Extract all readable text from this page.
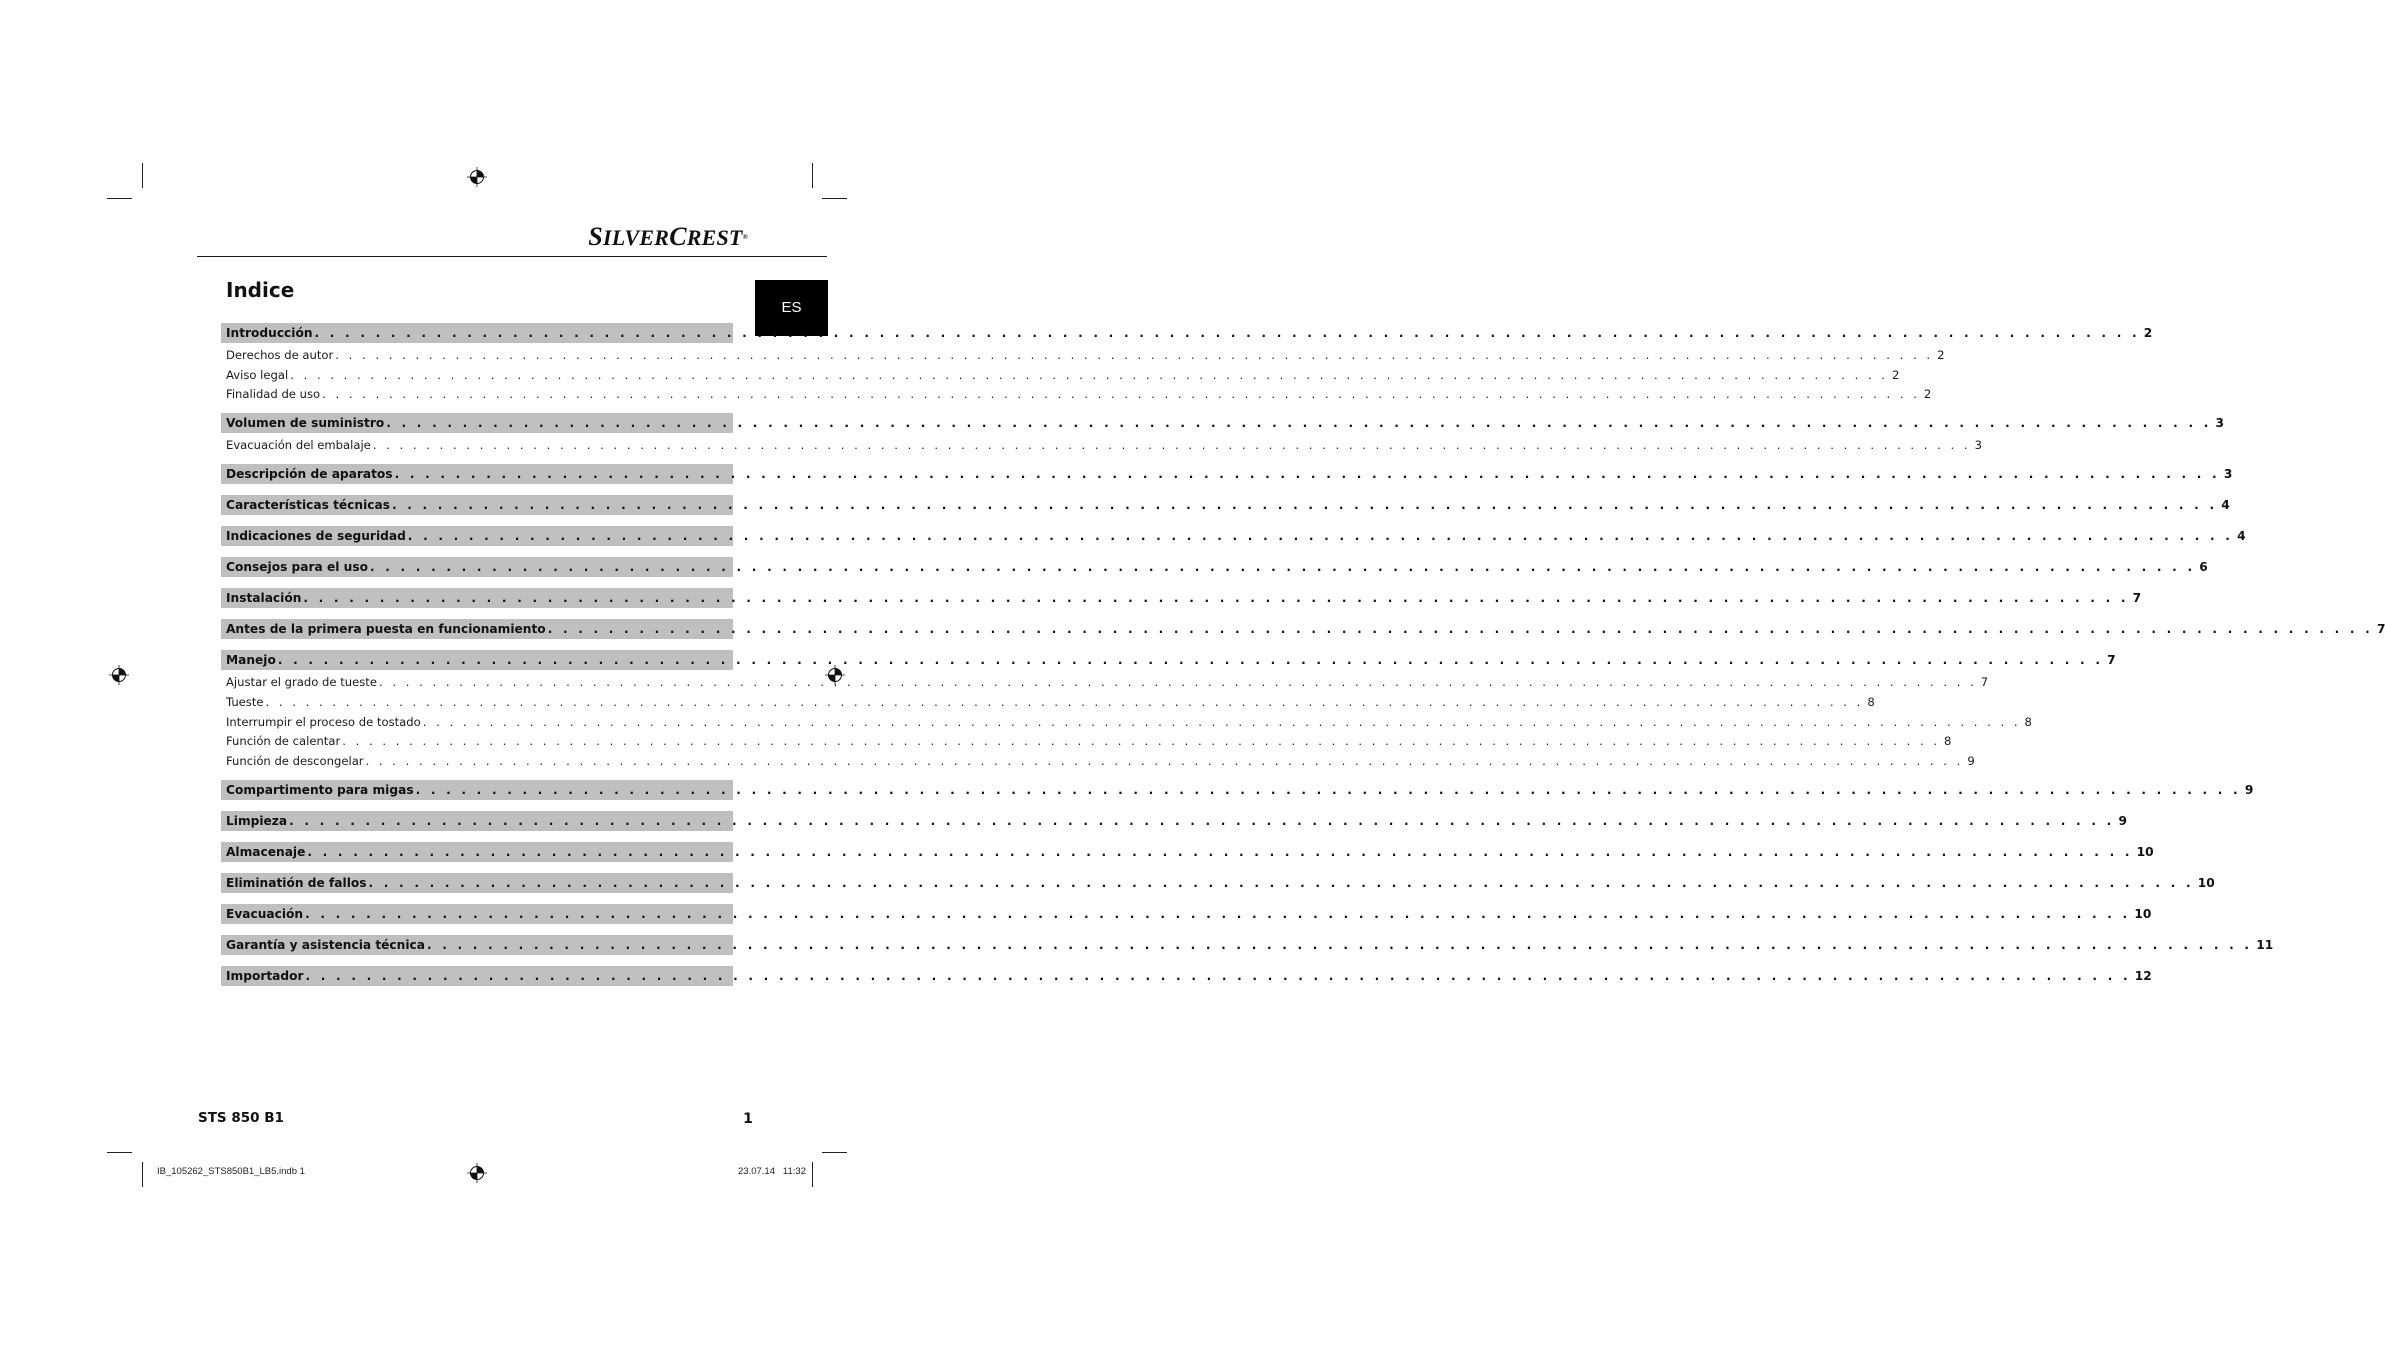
SILVERCREST®
ES
Indice
Introducción . . . . . . . . . . . . . . . . . . . . . . . . . . . . . . . . . . . . . . . . . . . . . . . . . . . . . . . . . . . . . . . . . . . . . . . . . . . . . . . . . . . . . . . . . . . . . . . . . . . . . . . . . . . . . . . . . . . . . . . . 2
Derechos de autor . . . . . . . . . . . . . . . . . . . . . . . . . . . . . . . . . . . . . . . . . . . . . . . . . . . . . . . . . . . . . . . . . . . . . . . . . . . . . . . . . . . . . . . . . . . . . . . . . . . . . . . . . . . . . . . . . . . . . . . . 2
Aviso legal . . . . . . . . . . . . . . . . . . . . . . . . . . . . . . . . . . . . . . . . . . . . . . . . . . . . . . . . . . . . . . . . . . . . . . . . . . . . . . . . . . . . . . . . . . . . . . . . . . . . . . . . . . . . . . . . . . . . . . . . 2
Finalidad de uso . . . . . . . . . . . . . . . . . . . . . . . . . . . . . . . . . . . . . . . . . . . . . . . . . . . . . . . . . . . . . . . . . . . . . . . . . . . . . . . . . . . . . . . . . . . . . . . . . . . . . . . . . . . . . . . . . . . . . . . . 2
Volumen de suministro . . . . . . . . . . . . . . . . . . . . . . . . . . . . . . . . . . . . . . . . . . . . . . . . . . . . . . . . . . . . . . . . . . . . . . . . . . . . . . . . . . . . . . . . . . . . . . . . . . . . . . . . . . . . . . . . . . . . . . . . 3
Evacuación del embalaje . . . . . . . . . . . . . . . . . . . . . . . . . . . . . . . . . . . . . . . . . . . . . . . . . . . . . . . . . . . . . . . . . . . . . . . . . . . . . . . . . . . . . . . . . . . . . . . . . . . . . . . . . . . . . . . . . . . . . . . . 3
Descripción de aparatos . . . . . . . . . . . . . . . . . . . . . . . . . . . . . . . . . . . . . . . . . . . . . . . . . . . . . . . . . . . . . . . . . . . . . . . . . . . . . . . . . . . . . . . . . . . . . . . . . . . . . . . . . . . . . . . . . . . . . . . . 3
Características técnicas . . . . . . . . . . . . . . . . . . . . . . . . . . . . . . . . . . . . . . . . . . . . . . . . . . . . . . . . . . . . . . . . . . . . . . . . . . . . . . . . . . . . . . . . . . . . . . . . . . . . . . . . . . . . . . . . . . . . . . . . 4
Indicaciones de seguridad . . . . . . . . . . . . . . . . . . . . . . . . . . . . . . . . . . . . . . . . . . . . . . . . . . . . . . . . . . . . . . . . . . . . . . . . . . . . . . . . . . . . . . . . . . . . . . . . . . . . . . . . . . . . . . . . . . . . . . . . 4
Consejos para el uso . . . . . . . . . . . . . . . . . . . . . . . . . . . . . . . . . . . . . . . . . . . . . . . . . . . . . . . . . . . . . . . . . . . . . . . . . . . . . . . . . . . . . . . . . . . . . . . . . . . . . . . . . . . . . . . . . . . . . . . . 6
Instalación . . . . . . . . . . . . . . . . . . . . . . . . . . . . . . . . . . . . . . . . . . . . . . . . . . . . . . . . . . . . . . . . . . . . . . . . . . . . . . . . . . . . . . . . . . . . . . . . . . . . . . . . . . . . . . . . . . . . . . . . 7
Antes de la primera puesta en funcionamiento . . . . . . . . . . . . . . . . . . . . . . . . . . . . . . . . . . . . . . . . . . . . . . . . . . . . . . . . . . . . . . . . . . . . . . . . . . . . . . . . . . . . . . . . . . . . . . . . . . . . . . . . . . . . . . . . . . . . . . . . 7
Manejo . . . . . . . . . . . . . . . . . . . . . . . . . . . . . . . . . . . . . . . . . . . . . . . . . . . . . . . . . . . . . . . . . . . . . . . . . . . . . . . . . . . . . . . . . . . . . . . . . . . . . . . . . . . . . . . . . . . . . . . . 7
Ajustar el grado de tueste . . . . . . . . . . . . . . . . . . . . . . . . . . . . . . . . . . . . . . . . . . . . . . . . . . . . . . . . . . . . . . . . . . . . . . . . . . . . . . . . . . . . . . . . . . . . . . . . . . . . . . . . . . . . . . . . . . . . . . . . 7
Tueste . . . . . . . . . . . . . . . . . . . . . . . . . . . . . . . . . . . . . . . . . . . . . . . . . . . . . . . . . . . . . . . . . . . . . . . . . . . . . . . . . . . . . . . . . . . . . . . . . . . . . . . . . . . . . . . . . . . . . . . . 8
Interrumpir el proceso de tostado . . . . . . . . . . . . . . . . . . . . . . . . . . . . . . . . . . . . . . . . . . . . . . . . . . . . . . . . . . . . . . . . . . . . . . . . . . . . . . . . . . . . . . . . . . . . . . . . . . . . . . . . . . . . . . . . . . . . . . . . 8
Función de calentar . . . . . . . . . . . . . . . . . . . . . . . . . . . . . . . . . . . . . . . . . . . . . . . . . . . . . . . . . . . . . . . . . . . . . . . . . . . . . . . . . . . . . . . . . . . . . . . . . . . . . . . . . . . . . . . . . . . . . . . . 8
Función de descongelar . . . . . . . . . . . . . . . . . . . . . . . . . . . . . . . . . . . . . . . . . . . . . . . . . . . . . . . . . . . . . . . . . . . . . . . . . . . . . . . . . . . . . . . . . . . . . . . . . . . . . . . . . . . . . . . . . . . . . . . . 9
Compartimento para migas . . . . . . . . . . . . . . . . . . . . . . . . . . . . . . . . . . . . . . . . . . . . . . . . . . . . . . . . . . . . . . . . . . . . . . . . . . . . . . . . . . . . . . . . . . . . . . . . . . . . . . . . . . . . . . . . . . . . . . . . 9
Limpieza . . . . . . . . . . . . . . . . . . . . . . . . . . . . . . . . . . . . . . . . . . . . . . . . . . . . . . . . . . . . . . . . . . . . . . . . . . . . . . . . . . . . . . . . . . . . . . . . . . . . . . . . . . . . . . . . . . . . . . . . 9
Almacenaje . . . . . . . . . . . . . . . . . . . . . . . . . . . . . . . . . . . . . . . . . . . . . . . . . . . . . . . . . . . . . . . . . . . . . . . . . . . . . . . . . . . . . . . . . . . . . . . . . . . . . . . . . . . . . . . . . . . . . . . . 10
Eliminatión de fallos . . . . . . . . . . . . . . . . . . . . . . . . . . . . . . . . . . . . . . . . . . . . . . . . . . . . . . . . . . . . . . . . . . . . . . . . . . . . . . . . . . . . . . . . . . . . . . . . . . . . . . . . . . . . . . . . . . . . . . . . 10
Evacuación . . . . . . . . . . . . . . . . . . . . . . . . . . . . . . . . . . . . . . . . . . . . . . . . . . . . . . . . . . . . . . . . . . . . . . . . . . . . . . . . . . . . . . . . . . . . . . . . . . . . . . . . . . . . . . . . . . . . . . . . 10
Garantía y asistencia técnica . . . . . . . . . . . . . . . . . . . . . . . . . . . . . . . . . . . . . . . . . . . . . . . . . . . . . . . . . . . . . . . . . . . . . . . . . . . . . . . . . . . . . . . . . . . . . . . . . . . . . . . . . . . . . . . . . . . . . . . . 11
Importador . . . . . . . . . . . . . . . . . . . . . . . . . . . . . . . . . . . . . . . . . . . . . . . . . . . . . . . . . . . . . . . . . . . . . . . . . . . . . . . . . . . . . . . . . . . . . . . . . . . . . . . . . . . . . . . . . . . . . . . . 12
STS 850 B1	1
IB_105262_STS850B1_LB5.indb 1	23.07.14 11:32
